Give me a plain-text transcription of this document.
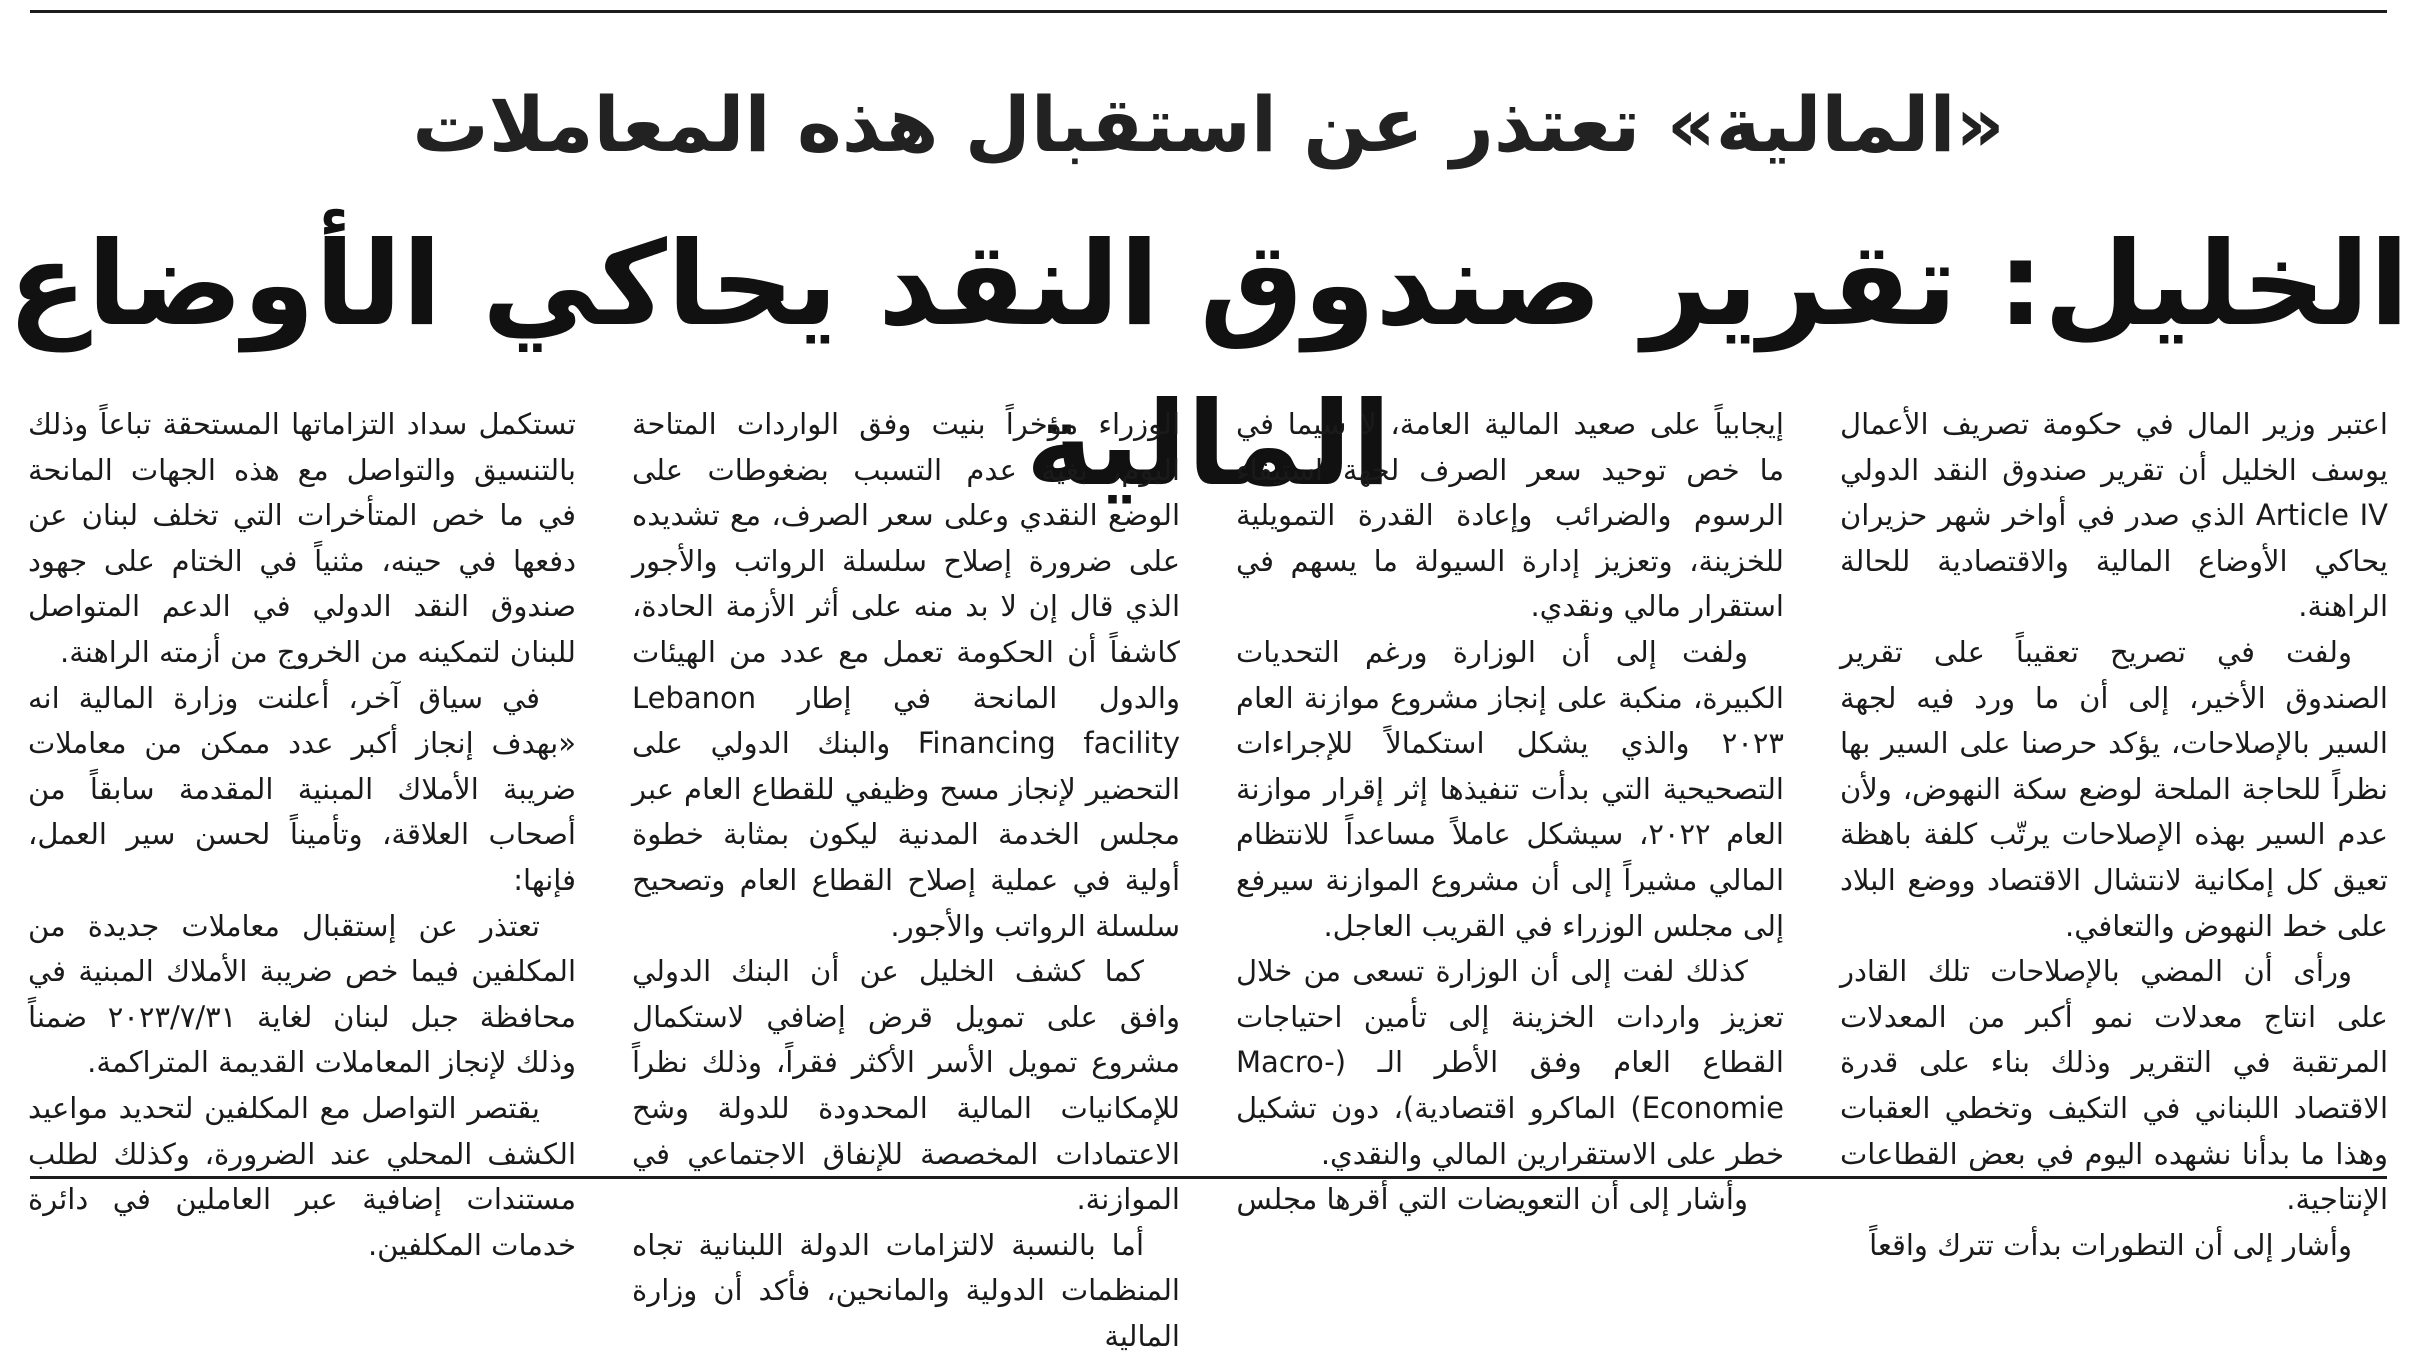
«المالية» تعتذر عن استقبال هذه المعاملات
الخليل: تقرير صندوق النقد يحاكي الأوضاع المالية	اعتبر وزير المال في حكومة تصريف الأعمال يوسف الخليل أن تقرير صندوق النقد الدولي Article IV الذي صدر في أواخر شهر حزيران يحاكي الأوضاع المالية والاقتصادية للحالة الراهنة.

ولفت في تصريح تعقيباً على تقرير الصندوق الأخير، إلى أن ما ورد فيه لجهة السير بالإصلاحات، يؤكد حرصنا على السير بها نظراً للحاجة الملحة لوضع سكة النهوض، ولأن عدم السير بهذه الإصلاحات يرتّب كلفة باهظة تعيق كل إمكانية لانتشال الاقتصاد ووضع البلاد على خط النهوض والتعافي.

ورأى أن المضي بالإصلاحات تلك القادر على انتاج معدلات نمو أكبر من المعدلات المرتقبة في التقرير وذلك بناء على قدرة الاقتصاد اللبناني في التكيف وتخطي العقبات وهذا ما بدأنا نشهده اليوم في بعض القطاعات الإنتاجية.

وأشار إلى أن التطورات بدأت تترك واقعاً

إيجابياً على صعيد المالية العامة، لا سيما في ما خص توحيد سعر الصرف لجهة استيفاء الرسوم والضرائب وإعادة القدرة التمويلية للخزينة، وتعزيز إدارة السيولة ما يسهم في استقرار مالي ونقدي.

ولفت إلى أن الوزارة ورغم التحديات الكبيرة، منكبة على إنجاز مشروع موازنة العام ٢٠٢٣ والذي يشكل استكمالاً للإجراءات التصحيحية التي بدأت تنفيذها إثر إقرار موازنة العام ٢٠٢٢، سيشكل عاملاً مساعداً للانتظام المالي مشيراً إلى أن مشروع الموازنة سيرفع إلى مجلس الوزراء في القريب العاجل.

كذلك لفت إلى أن الوزارة تسعى من خلال تعزيز واردات الخزينة إلى تأمين احتياجات القطاع العام وفق الأطر الـ (Macro-Economie) الماكرو اقتصادية)، دون تشكيل خطر على الاستقرارين المالي والنقدي.

وأشار إلى أن التعويضات التي أقرها مجلس

الوزراء مؤخراً بنيت وفق الواردات المتاحة اليوم، بغية عدم التسبب بضغوطات على الوضع النقدي وعلى سعر الصرف، مع تشديده على ضرورة إصلاح سلسلة الرواتب والأجور الذي قال إن لا بد منه على أثر الأزمة الحادة، كاشفاً أن الحكومة تعمل مع عدد من الهيئات والدول المانحة في إطار Lebanon Financing facility والبنك الدولي على التحضير لإنجاز مسح وظيفي للقطاع العام عبر مجلس الخدمة المدنية ليكون بمثابة خطوة أولية في عملية إصلاح القطاع العام وتصحيح سلسلة الرواتب والأجور.

كما كشف الخليل عن أن البنك الدولي وافق على تمويل قرض إضافي لاستكمال مشروع تمويل الأسر الأكثر فقراً، وذلك نظراً للإمكانيات المالية المحدودة للدولة وشح الاعتمادات المخصصة للإنفاق الاجتماعي في الموازنة.

أما بالنسبة لالتزامات الدولة اللبنانية تجاه المنظمات الدولية والمانحين، فأكد أن وزارة المالية

تستكمل سداد التزاماتها المستحقة تباعاً وذلك بالتنسيق والتواصل مع هذه الجهات المانحة في ما خص المتأخرات التي تخلف لبنان عن دفعها في حينه، مثنياً في الختام على جهود صندوق النقد الدولي في الدعم المتواصل للبنان لتمكينه من الخروج من أزمته الراهنة.

في سياق آخر، أعلنت وزارة المالية انه «بهدف إنجاز أكبر عدد ممكن من معاملات ضريبة الأملاك المبنية المقدمة سابقاً من أصحاب العلاقة، وتأميناً لحسن سير العمل، فإنها:

تعتذر عن إستقبال معاملات جديدة من المكلفين فيما خص ضريبة الأملاك المبنية في محافظة جبل لبنان لغاية ٢٠٢٣/٧/٣١ ضمناً وذلك لإنجاز المعاملات القديمة المتراكمة.

يقتصر التواصل مع المكلفين لتحديد مواعيد الكشف المحلي عند الضرورة، وكذلك لطلب مستندات إضافية عبر العاملين في دائرة خدمات المكلفين.
